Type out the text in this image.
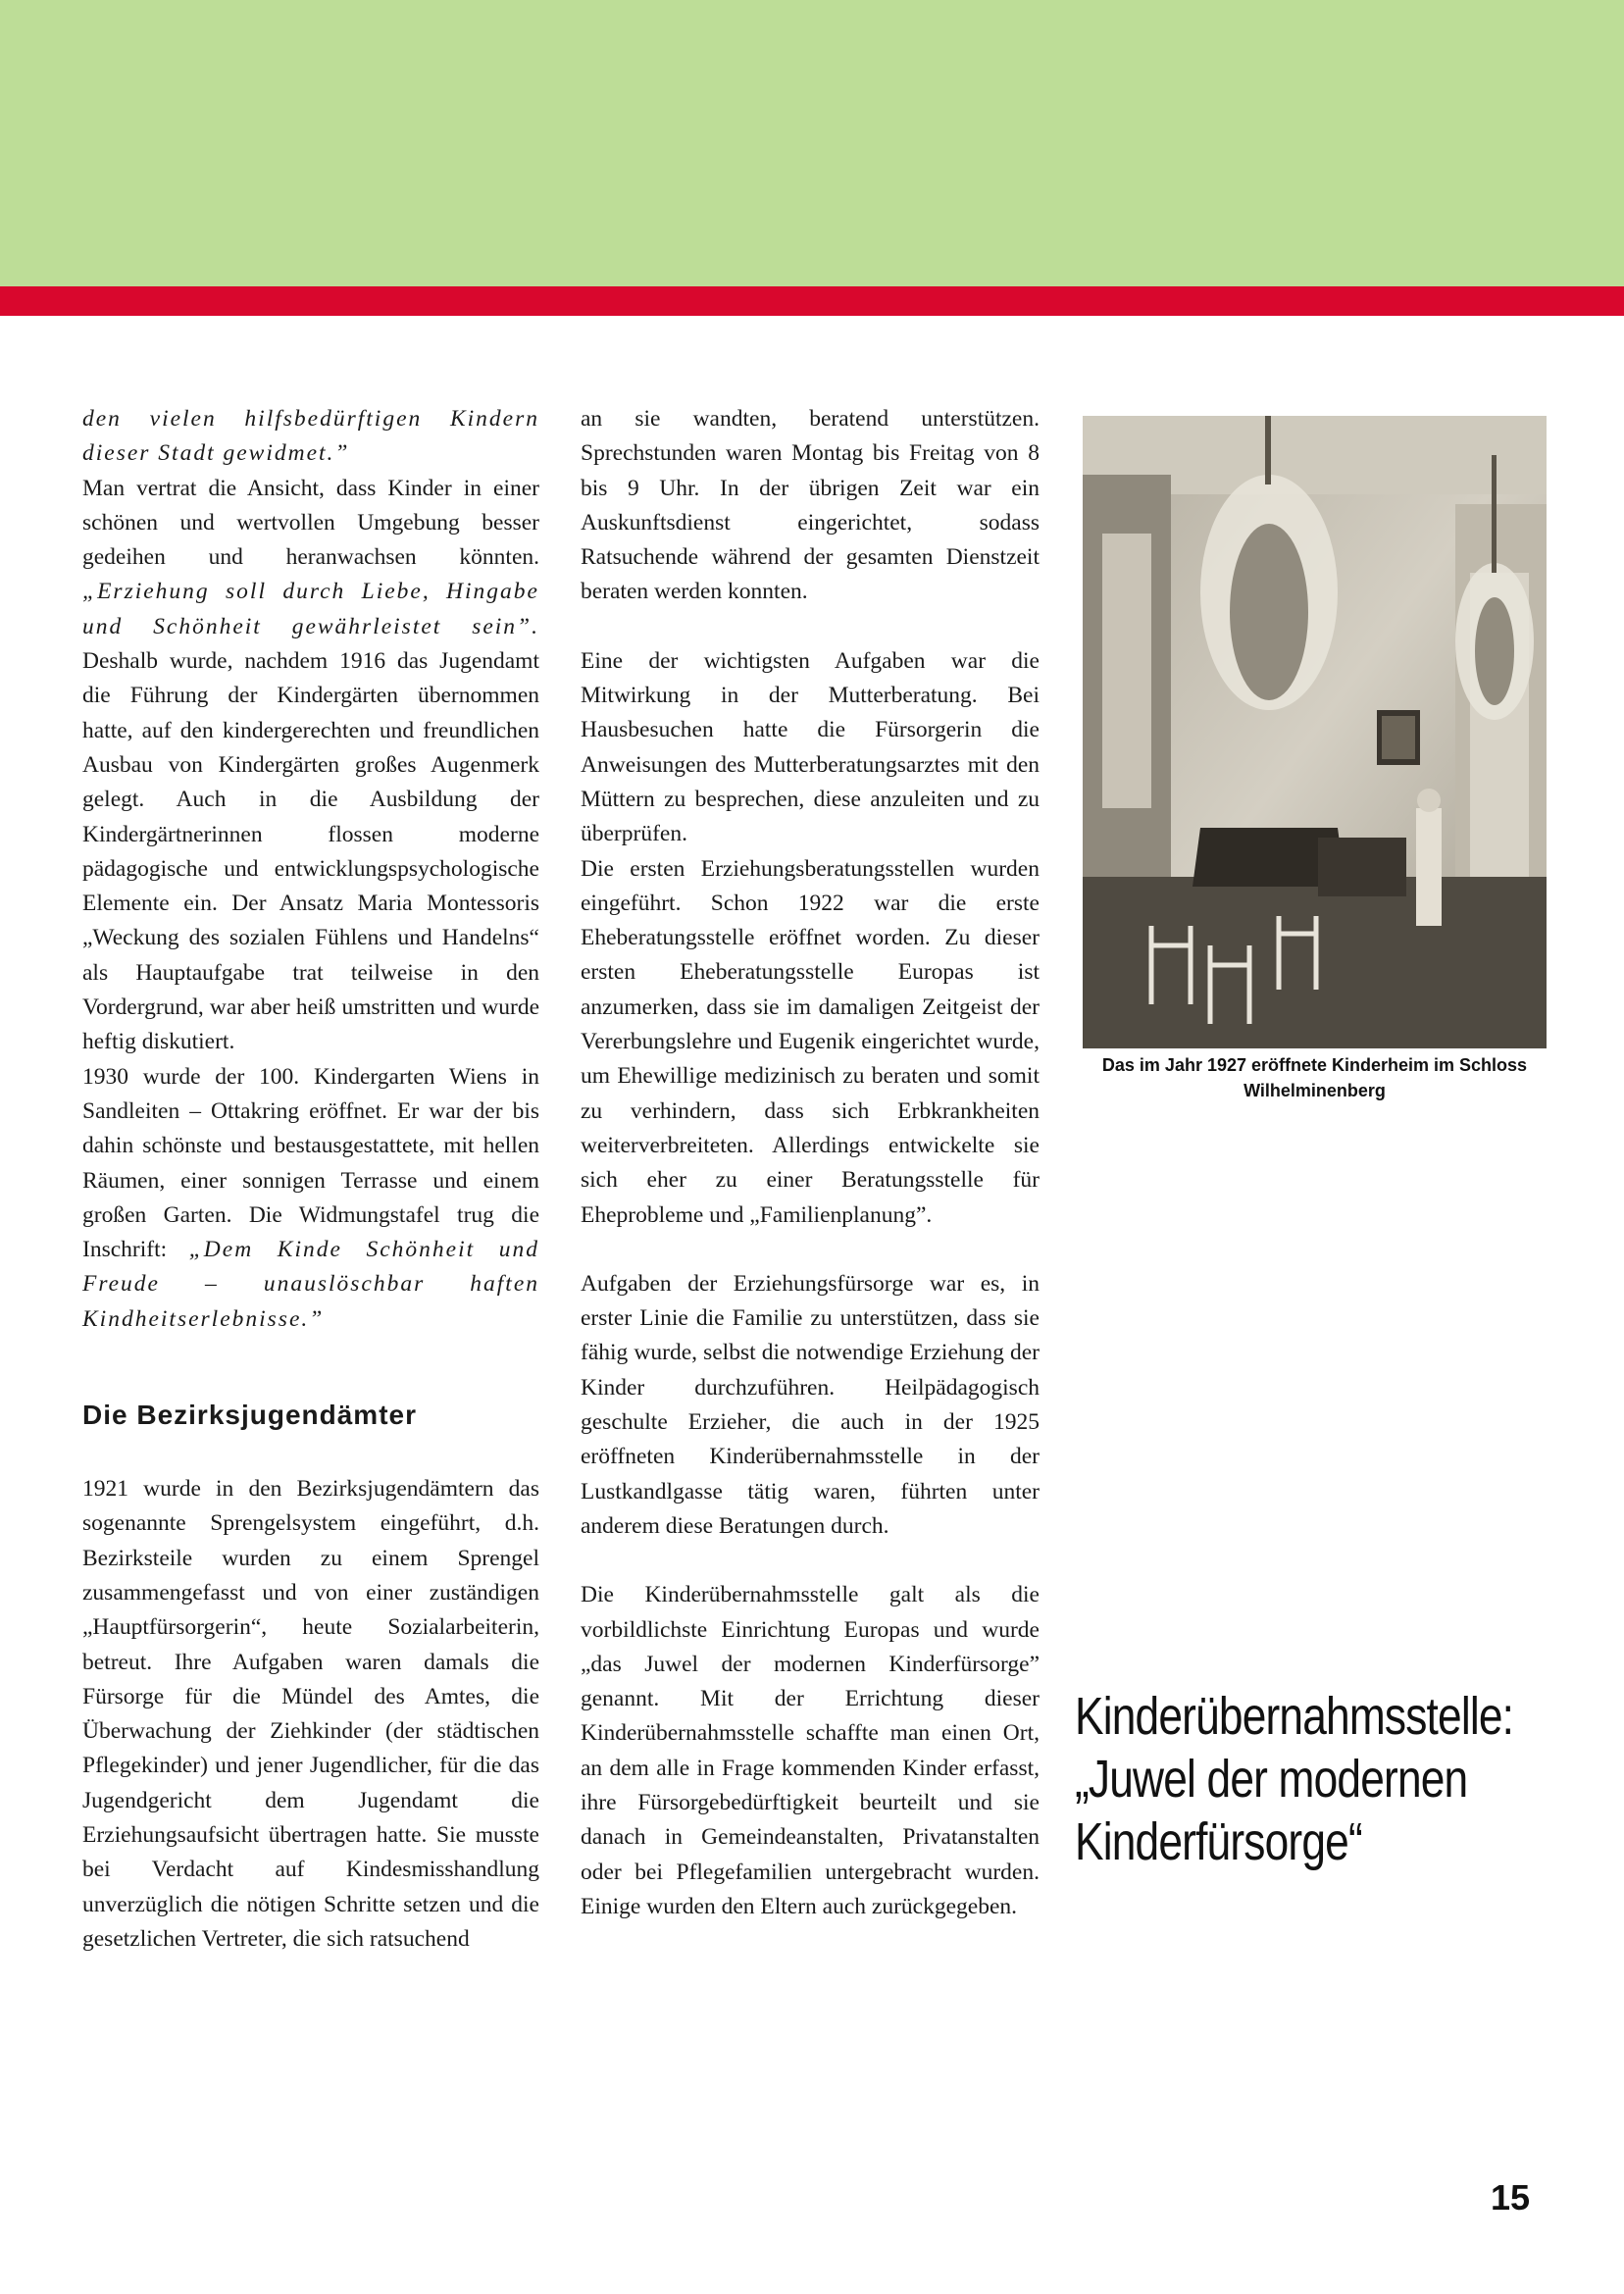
den vielen hilfsbedürftigen Kindern dieser Stadt gewidmet.”

Man vertrat die Ansicht, dass Kinder in einer schönen und wertvollen Umgebung besser gedeihen und heranwachsen könnten. „Erziehung soll durch Liebe, Hingabe und Schönheit gewährleistet sein”. Deshalb wurde, nachdem 1916 das Jugendamt die Führung der Kindergärten übernommen hatte, auf den kindergerechten und freundlichen Ausbau von Kindergärten großes Augenmerk gelegt. Auch in die Ausbildung der Kindergärtnerinnen flossen moderne pädagogische und entwicklungspsychologische Elemente ein. Der Ansatz Maria Montessoris „Weckung des sozialen Fühlens und Handelns“ als Hauptaufgabe trat teilweise in den Vordergrund, war aber heiß umstritten und wurde heftig diskutiert.

1930 wurde der 100. Kindergarten Wiens in Sandleiten – Ottakring eröffnet. Er war der bis dahin schönste und bestausgestattete, mit hellen Räumen, einer sonnigen Terrasse und einem großen Garten. Die Widmungstafel trug die Inschrift: „Dem Kinde Schönheit und Freude – unauslöschbar haften Kindheitserlebnisse.”

Die Bezirksjugendämter

1921 wurde in den Bezirksjugendämtern das sogenannte Sprengelsystem eingeführt, d.h. Bezirksteile wurden zu einem Sprengel zusammengefasst und von einer zuständigen „Hauptfürsorgerin“, heute Sozialarbeiterin, betreut. Ihre Aufgaben waren damals die Fürsorge für die Mündel des Amtes, die Überwachung der Ziehkinder (der städtischen Pflegekinder) und jener Jugendlicher, für die das Jugendgericht dem Jugendamt die Erziehungsaufsicht übertragen hatte. Sie musste bei Verdacht auf Kindesmisshandlung unverzüglich die nötigen Schritte setzen und die gesetzlichen Vertreter, die sich ratsuchend

an sie wandten, beratend unterstützen. Sprechstunden waren Montag bis Freitag von 8 bis 9 Uhr. In der übrigen Zeit war ein Auskunftsdienst eingerichtet, sodass Ratsuchende während der gesamten Dienstzeit beraten werden konnten.

Eine der wichtigsten Aufgaben war die Mitwirkung in der Mutterberatung. Bei Hausbesuchen hatte die Fürsorgerin die Anweisungen des Mutterberatungsarztes mit den Müttern zu besprechen, diese anzuleiten und zu überprüfen.

Die ersten Erziehungsberatungsstellen wurden eingeführt. Schon 1922 war die erste Eheberatungsstelle eröffnet worden. Zu dieser ersten Eheberatungsstelle Europas ist anzumerken, dass sie im damaligen Zeitgeist der Vererbungslehre und Eugenik eingerichtet wurde, um Ehewillige medizinisch zu beraten und somit zu verhindern, dass sich Erbkrankheiten weiterverbreiteten. Allerdings entwickelte sie sich eher zu einer Beratungsstelle für Eheprobleme und „Familienplanung”.

Aufgaben der Erziehungsfürsorge war es, in erster Linie die Familie zu unterstützen, dass sie fähig wurde, selbst die notwendige Erziehung der Kinder durchzuführen. Heilpädagogisch geschulte Erzieher, die auch in der 1925 eröffneten Kinderübernahmsstelle in der Lustkandlgasse tätig waren, führten unter anderem diese Beratungen durch.

Die Kinderübernahmsstelle galt als die vorbildlichste Einrichtung Europas und wurde „das Juwel der modernen Kinderfürsorge” genannt. Mit der Errichtung dieser Kinderübernahmsstelle schaffte man einen Ort, an dem alle in Frage kommenden Kinder erfasst, ihre Fürsorgebedürftigkeit beurteilt und sie danach in Gemeindeanstalten, Privatanstalten oder bei Pflegefamilien untergebracht wurden. Einige wurden den Eltern auch zurückgegeben.

Das im Jahr 1927 eröffnete Kinderheim im Schloss Wilhelminenberg
Kinderübernahmsstelle:
„Juwel der modernen
Kinderfürsorge“
15
